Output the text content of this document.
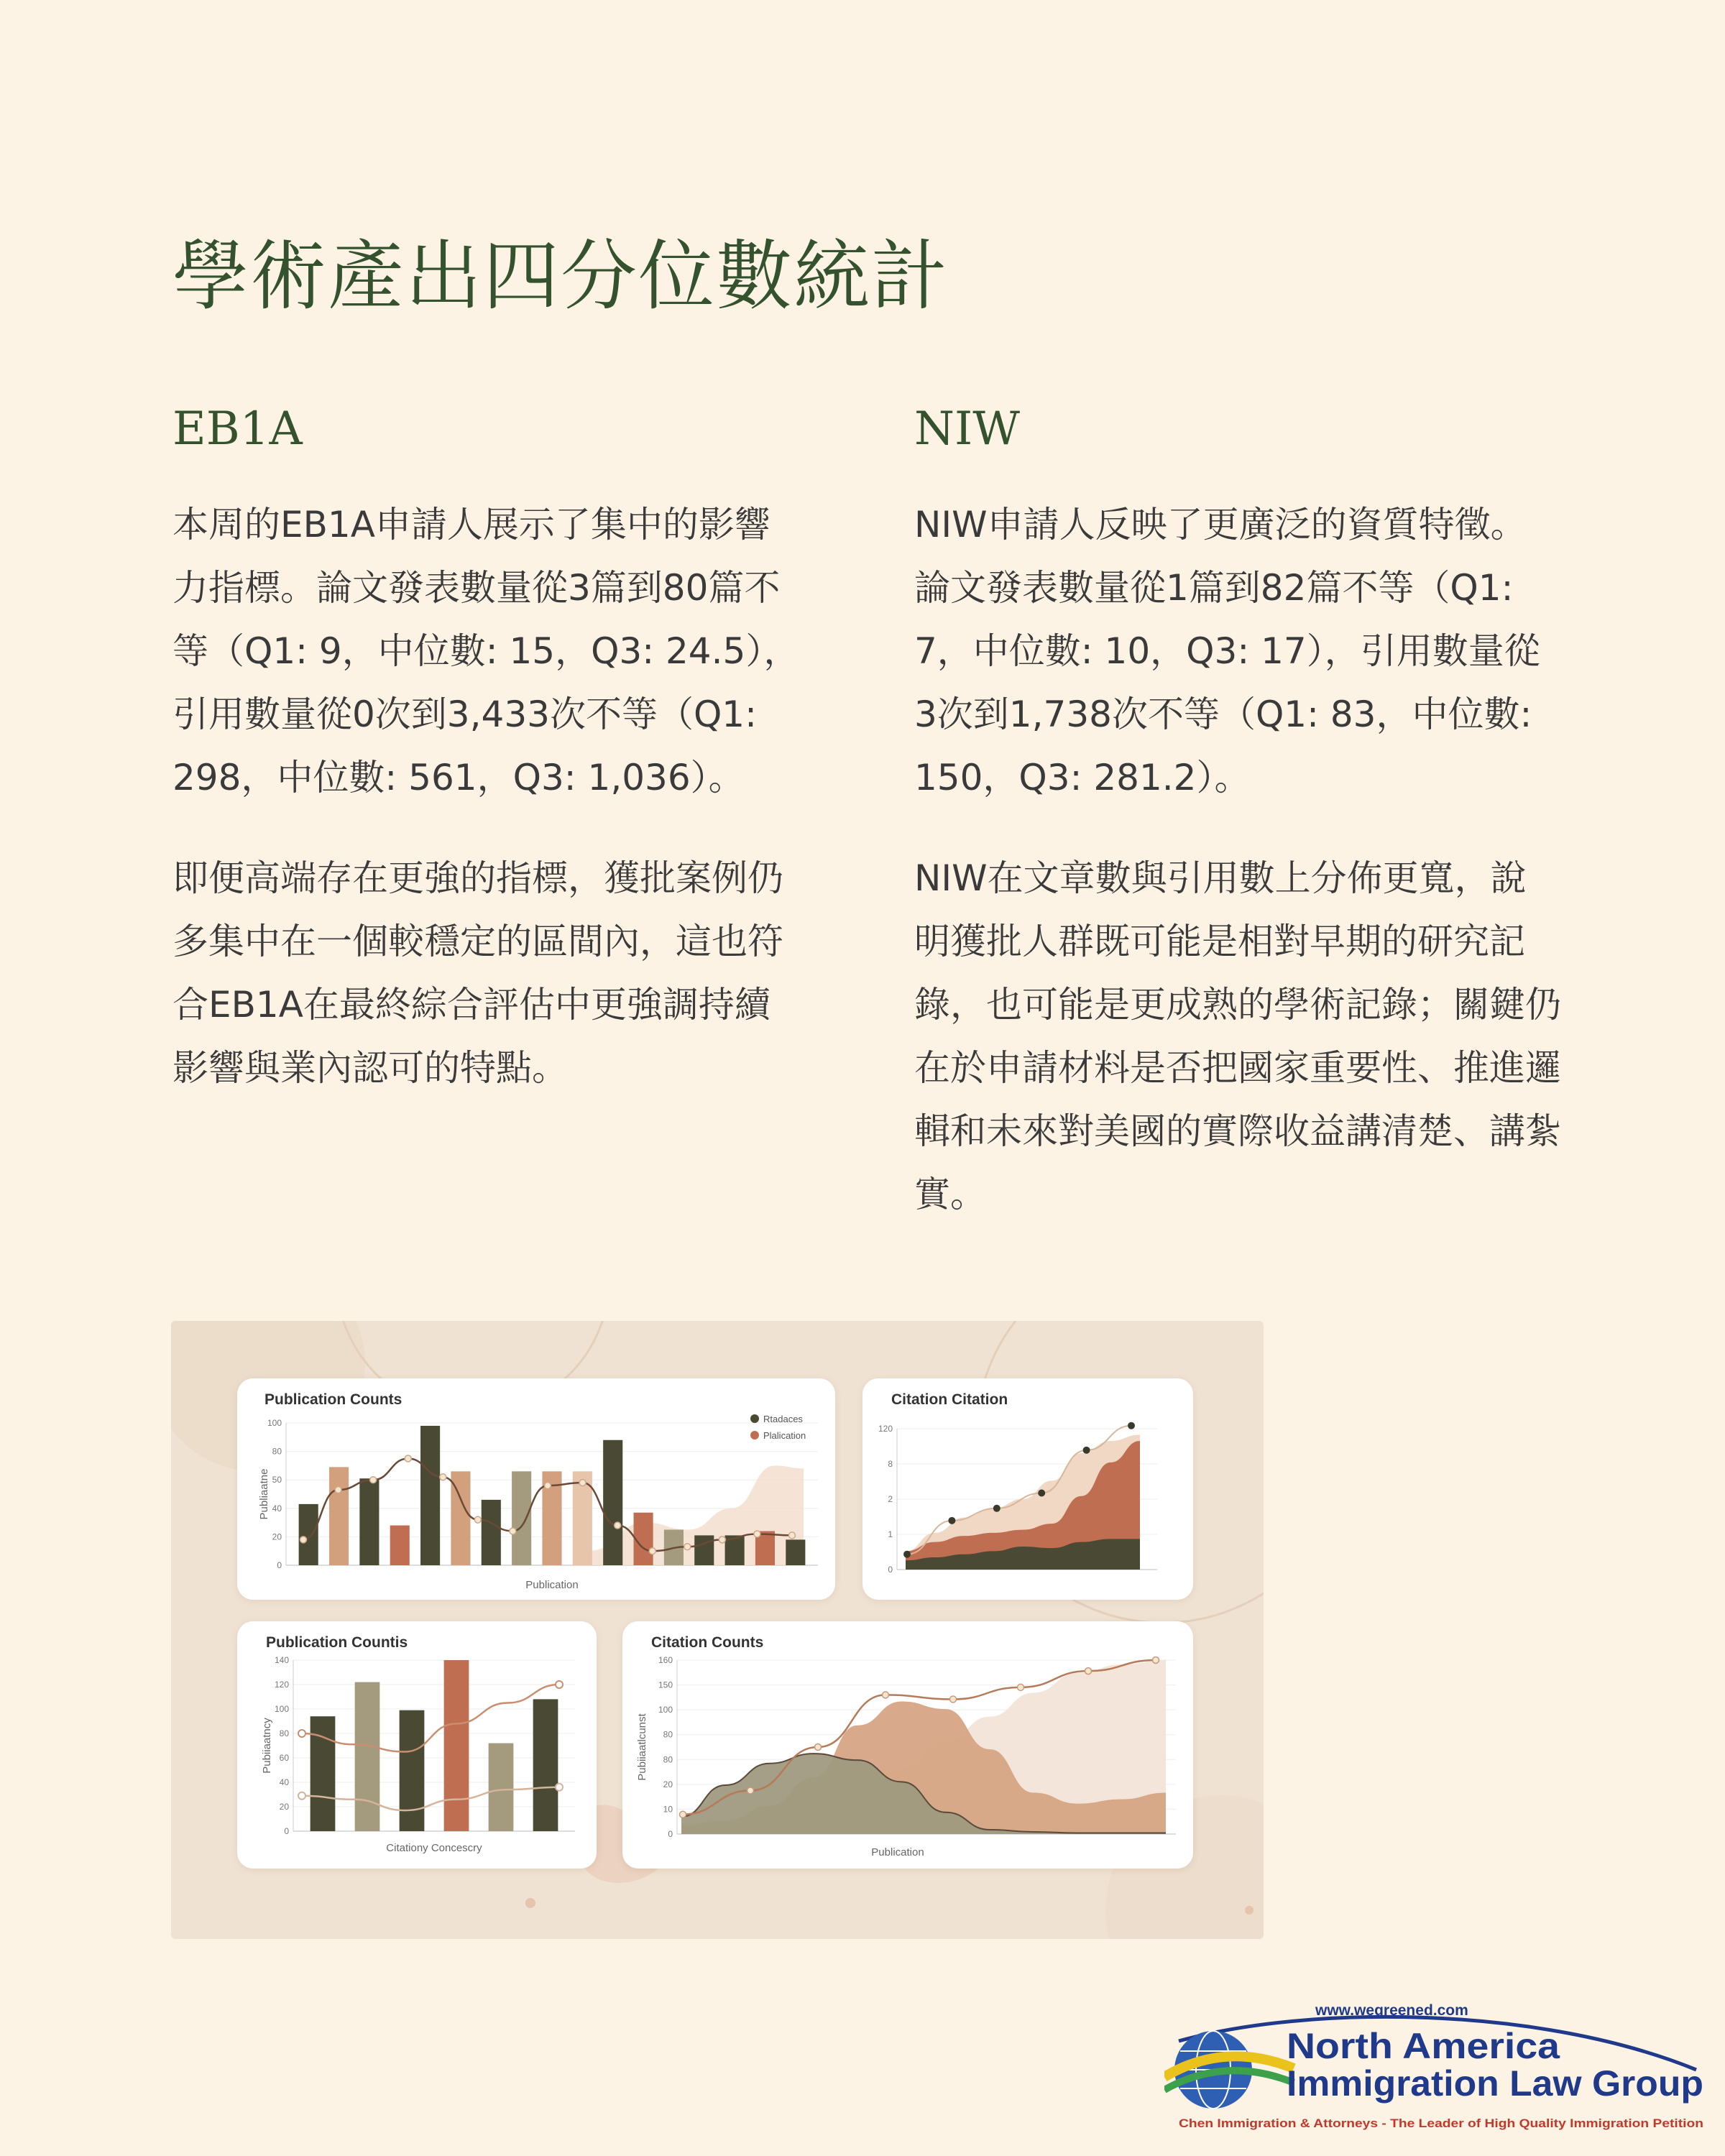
學術產出四分位數統計
EB1A

本周的EB1A申請人展示了集中的影響力指標。論文發表數量從3篇到80篇不等（Q1: 9，中位數: 15，Q3: 24.5），引用數量從0次到3,433次不等（Q1: 298，中位數: 561，Q3: 1,036）。

即便高端存在更強的指標，獲批案例仍多集中在一個較穩定的區間內，這也符合EB1A在最終綜合評估中更強調持續影響與業內認可的特點。

NIW

NIW申請人反映了更廣泛的資質特徵。論文發表數量從1篇到82篇不等（Q1: 7，中位數: 10，Q3: 17），引用數量從3次到1,738次不等（Q1: 83，中位數: 150，Q3: 281.2）。

NIW在文章數與引用數上分佈更寬，說明獲批人群既可能是相對早期的研究記錄，也可能是更成熟的學術記錄；關鍵仍在於申請材料是否把國家重要性、推進邏輯和未來對美國的實際收益講清楚、講紮實。

Publication Counts
0
20
40
50
80
100
Publiaatne
Publication
Rtadaces
Plalication
Citation Citation
0
1
2
8
120
Publication Countis
0
20
40
60
80
100
120
140
Pubiiaatncy
Citationy Concescry
Citation Counts
0
10
20
80
80
100
150
160
Pubiiaatlcunst
Publication
www.wegreened.com
North America
Immigration Law Group
Chen Immigration & Attorneys - The Leader of High Quality Immigration Petition
